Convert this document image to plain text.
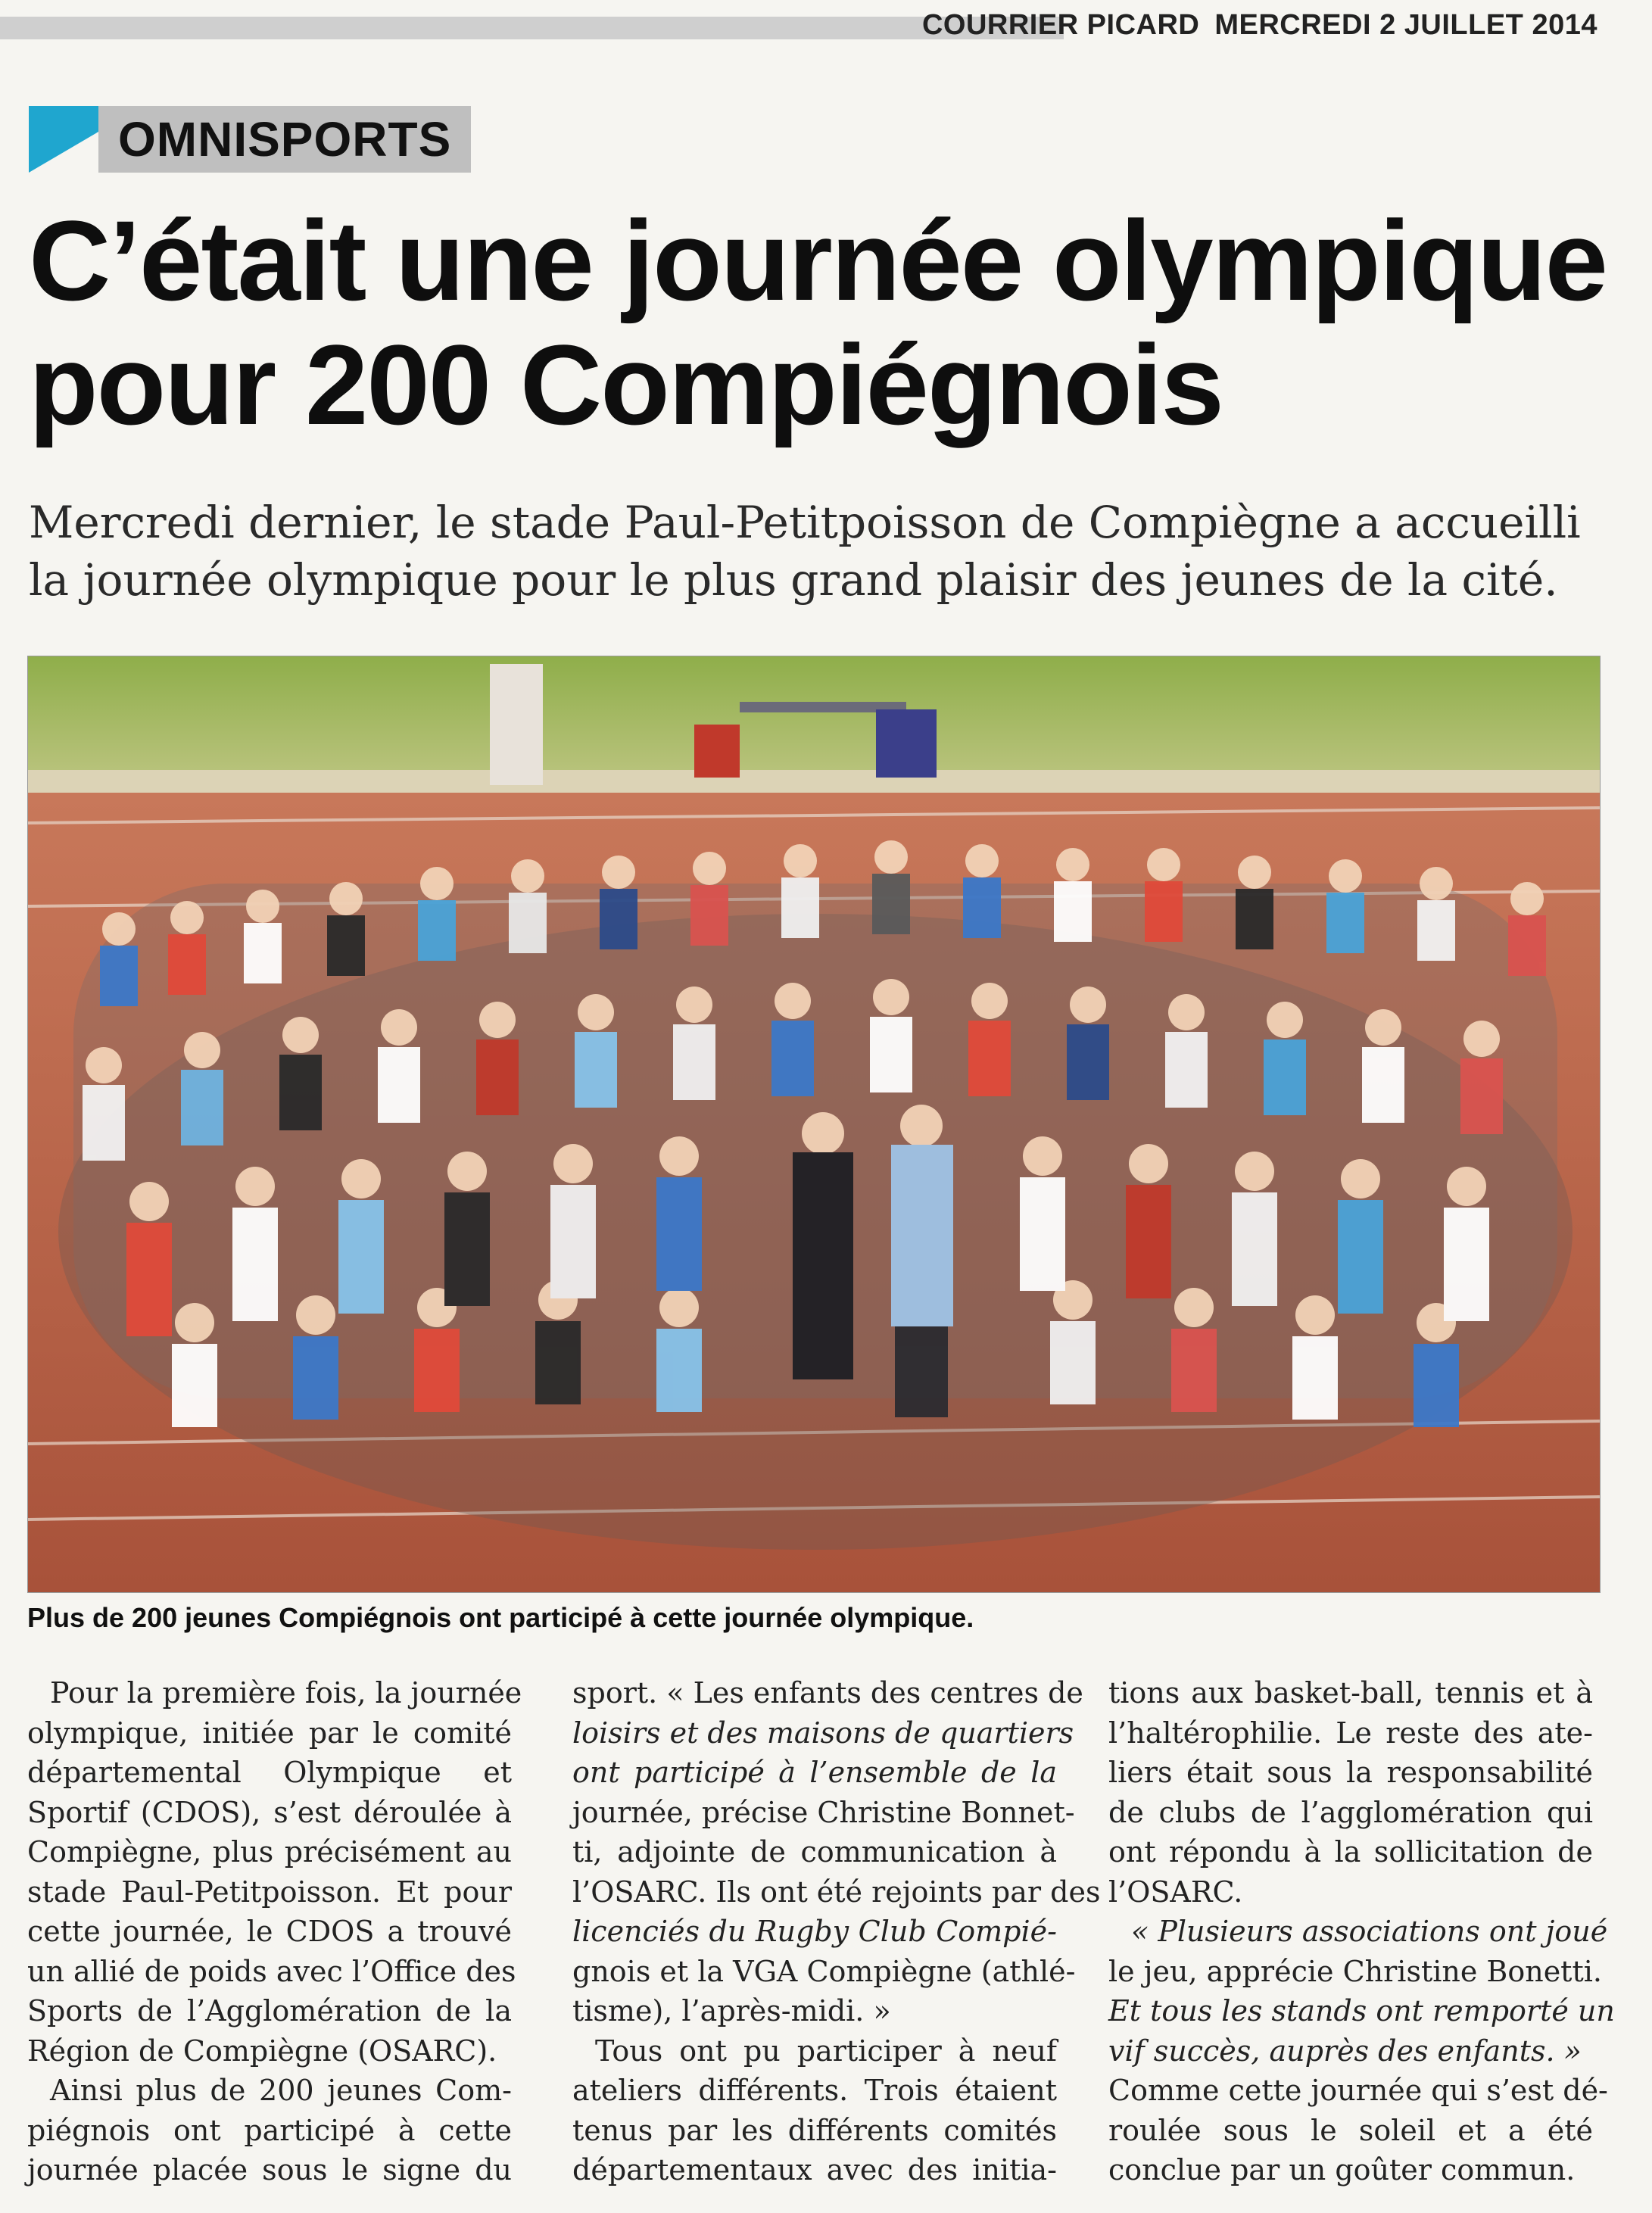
COURRIER PICARD MERCREDI 2 JUILLET 2014
OMNISPORTS
C’était une journée olympique
pour 200 Compiégnois
Mercredi dernier, le stade Paul-Petitpoisson de Compiègne a accueilli
la journée olympique pour le plus grand plaisir des jeunes de la cité.
Plus de 200 jeunes Compiégnois ont participé à cette journée olympique.
Pour la première fois, la journée
olympique, initiée par le comité
départemental Olympique et
Sportif (CDOS), s’est déroulée à
Compiègne, plus précisément au
stade Paul-Petitpoisson. Et pour
cette journée, le CDOS a trouvé
un allié de poids avec l’Office des
Sports de l’Agglomération de la
Région de Compiègne (OSARC).
Ainsi plus de 200 jeunes Com-
piégnois ont participé à cette
journée placée sous le signe du
sport. « Les enfants des centres de
loisirs et des maisons de quartiers
ont participé à l’ensemble de la
journée, précise Christine Bonnet-
ti, adjointe de communication à
l’OSARC. Ils ont été rejoints par des
licenciés du Rugby Club Compié-
gnois et la VGA Compiègne (athlé-
tisme), l’après-midi. »
Tous ont pu participer à neuf
ateliers différents. Trois étaient
tenus par les différents comités
départementaux avec des initia-
tions aux basket-ball, tennis et à
l’haltérophilie. Le reste des ate-
liers était sous la responsabilité
de clubs de l’agglomération qui
ont répondu à la sollicitation de
l’OSARC.
« Plusieurs associations ont joué
le jeu, apprécie Christine Bonetti.
Et tous les stands ont remporté un
vif succès, auprès des enfants. »
Comme cette journée qui s’est dé-
roulée sous le soleil et a été
conclue par un goûter commun.
